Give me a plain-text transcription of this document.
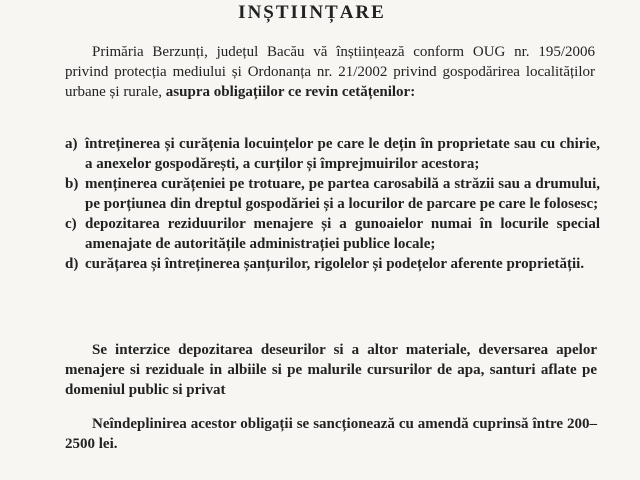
INȘTIINȚARE

Primăria Berzunți, județul Bacău vă înștiințează conform OUG nr. 195/2006 privind protecția mediului și Ordonanța nr. 21/2002 privind gospodărirea localităților urbane și rurale, asupra obligațiilor ce revin cetățenilor:

a) întreținerea și curățenia locuințelor pe care le dețin în proprietate sau cu chirie, a anexelor gospodărești, a curților și împrejmuirilor acestora;
b) menținerea curățeniei pe trotuare, pe partea carosabilă a străzii sau a drumului, pe porțiunea din dreptul gospodăriei și a locurilor de parcare pe care le folosesc;
c) depozitarea reziduurilor menajere și a gunoaielor numai în locurile special amenajate de autoritățile administrației publice locale;
d) curățarea și întreținerea șanțurilor, rigolelor și podețelor aferente proprietății.

Se interzice depozitarea deseurilor si a altor materiale, deversarea apelor menajere si reziduale in albiile si pe malurile cursurilor de apa, santuri aflate pe domeniul public si privat

Neîndeplinirea acestor obligații se sancționează cu amendă cuprinsă între 200–2500 lei.
